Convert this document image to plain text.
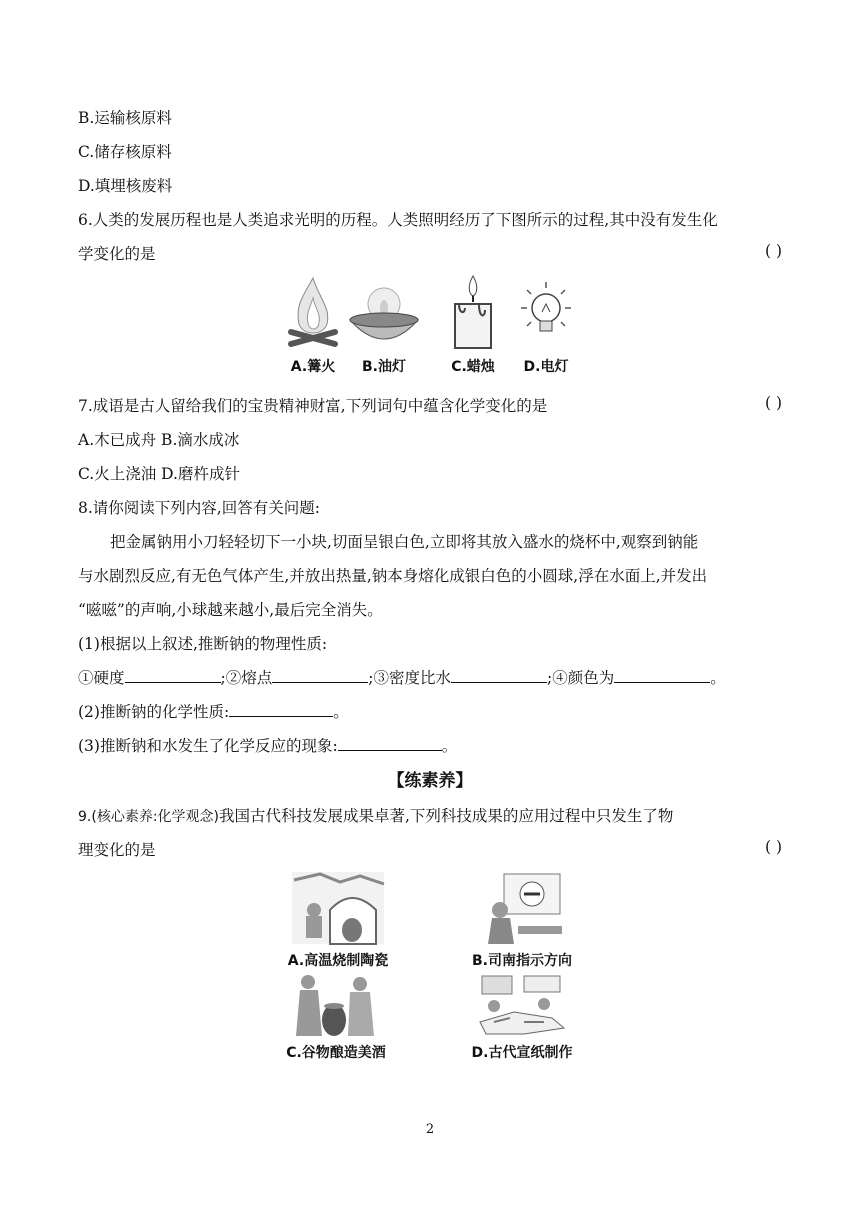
B.运输核原料
C.储存核原料
D.填埋核废料
6.人类的发展历程也是人类追求光明的历程。人类照明经历了下图所示的过程,其中没有发生化
学变化的是	( )
A.篝火	B.油灯	C.蜡烛	D.电灯
7.成语是古人留给我们的宝贵精神财富,下列词句中蕴含化学变化的是	( )
A.木已成舟 B.滴水成冰
C.火上浇油 D.磨杵成针
8.请你阅读下列内容,回答有关问题:
把金属钠用小刀轻轻切下一小块,切面呈银白色,立即将其放入盛水的烧杯中,观察到钠能
与水剧烈反应,有无色气体产生,并放出热量,钠本身熔化成银白色的小圆球,浮在水面上,并发出
“嗞嗞”的声响,小球越来越小,最后完全消失。
(1)根据以上叙述,推断钠的物理性质:
①硬度	;②熔点	;③密度比水	;④颜色为	。
(2)推断钠的化学性质:	。
(3)推断钠和水发生了化学反应的现象:	。
【练素养】
9.(核心素养:化学观念)我国古代科技发展成果卓著,下列科技成果的应用过程中只发生了物
理变化的是	( )
A.高温烧制陶瓷	B.司南指示方向
C.谷物酿造美酒	D.古代宣纸制作
2
